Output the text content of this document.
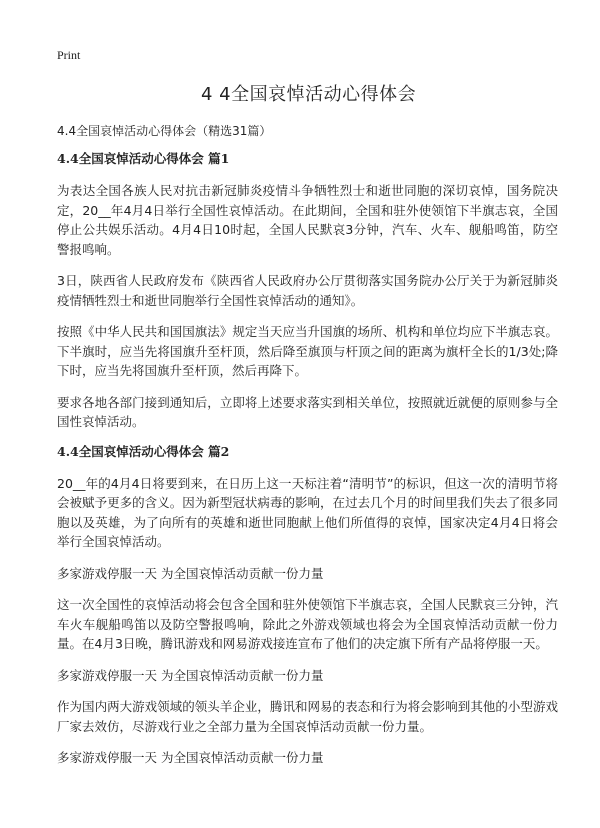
Print
4 4全国哀悼活动心得体会
4.4全国哀悼活动心得体会（精选31篇）
4.4全国哀悼活动心得体会 篇1

为表达全国各族人民对抗击新冠肺炎疫情斗争牺牲烈士和逝世同胞的深切哀悼，国务院决定，20__年4月4日举行全国性哀悼活动。在此期间，全国和驻外使领馆下半旗志哀，全国停止公共娱乐活动。4月4日10时起，全国人民默哀3分钟，汽车、火车、舰船鸣笛，防空警报鸣响。

3日，陕西省人民政府发布《陕西省人民政府办公厅贯彻落实国务院办公厅关于为新冠肺炎疫情牺牲烈士和逝世同胞举行全国性哀悼活动的通知》。

按照《中华人民共和国国旗法》规定当天应当升国旗的场所、机构和单位均应下半旗志哀。下半旗时，应当先将国旗升至杆顶，然后降至旗顶与杆顶之间的距离为旗杆全长的1/3处;降下时，应当先将国旗升至杆顶，然后再降下。

要求各地各部门接到通知后，立即将上述要求落实到相关单位，按照就近就便的原则参与全国性哀悼活动。

4.4全国哀悼活动心得体会 篇2

20__年的4月4日将要到来，在日历上这一天标注着“清明节”的标识，但这一次的清明节将会被赋予更多的含义。因为新型冠状病毒的影响，在过去几个月的时间里我们失去了很多同胞以及英雄，为了向所有的英雄和逝世同胞献上他们所值得的哀悼，国家决定4月4日将会举行全国哀悼活动。

多家游戏停服一天 为全国哀悼活动贡献一份力量

这一次全国性的哀悼活动将会包含全国和驻外使领馆下半旗志哀，全国人民默哀三分钟，汽车火车舰船鸣笛以及防空警报鸣响，除此之外游戏领域也将会为全国哀悼活动贡献一份力量。在4月3日晚，腾讯游戏和网易游戏接连宣布了他们的决定旗下所有产品将停服一天。

多家游戏停服一天 为全国哀悼活动贡献一份力量

作为国内两大游戏领域的领头羊企业，腾讯和网易的表态和行为将会影响到其他的小型游戏厂家去效仿，尽游戏行业之全部力量为全国哀悼活动贡献一份力量。

多家游戏停服一天 为全国哀悼活动贡献一份力量
